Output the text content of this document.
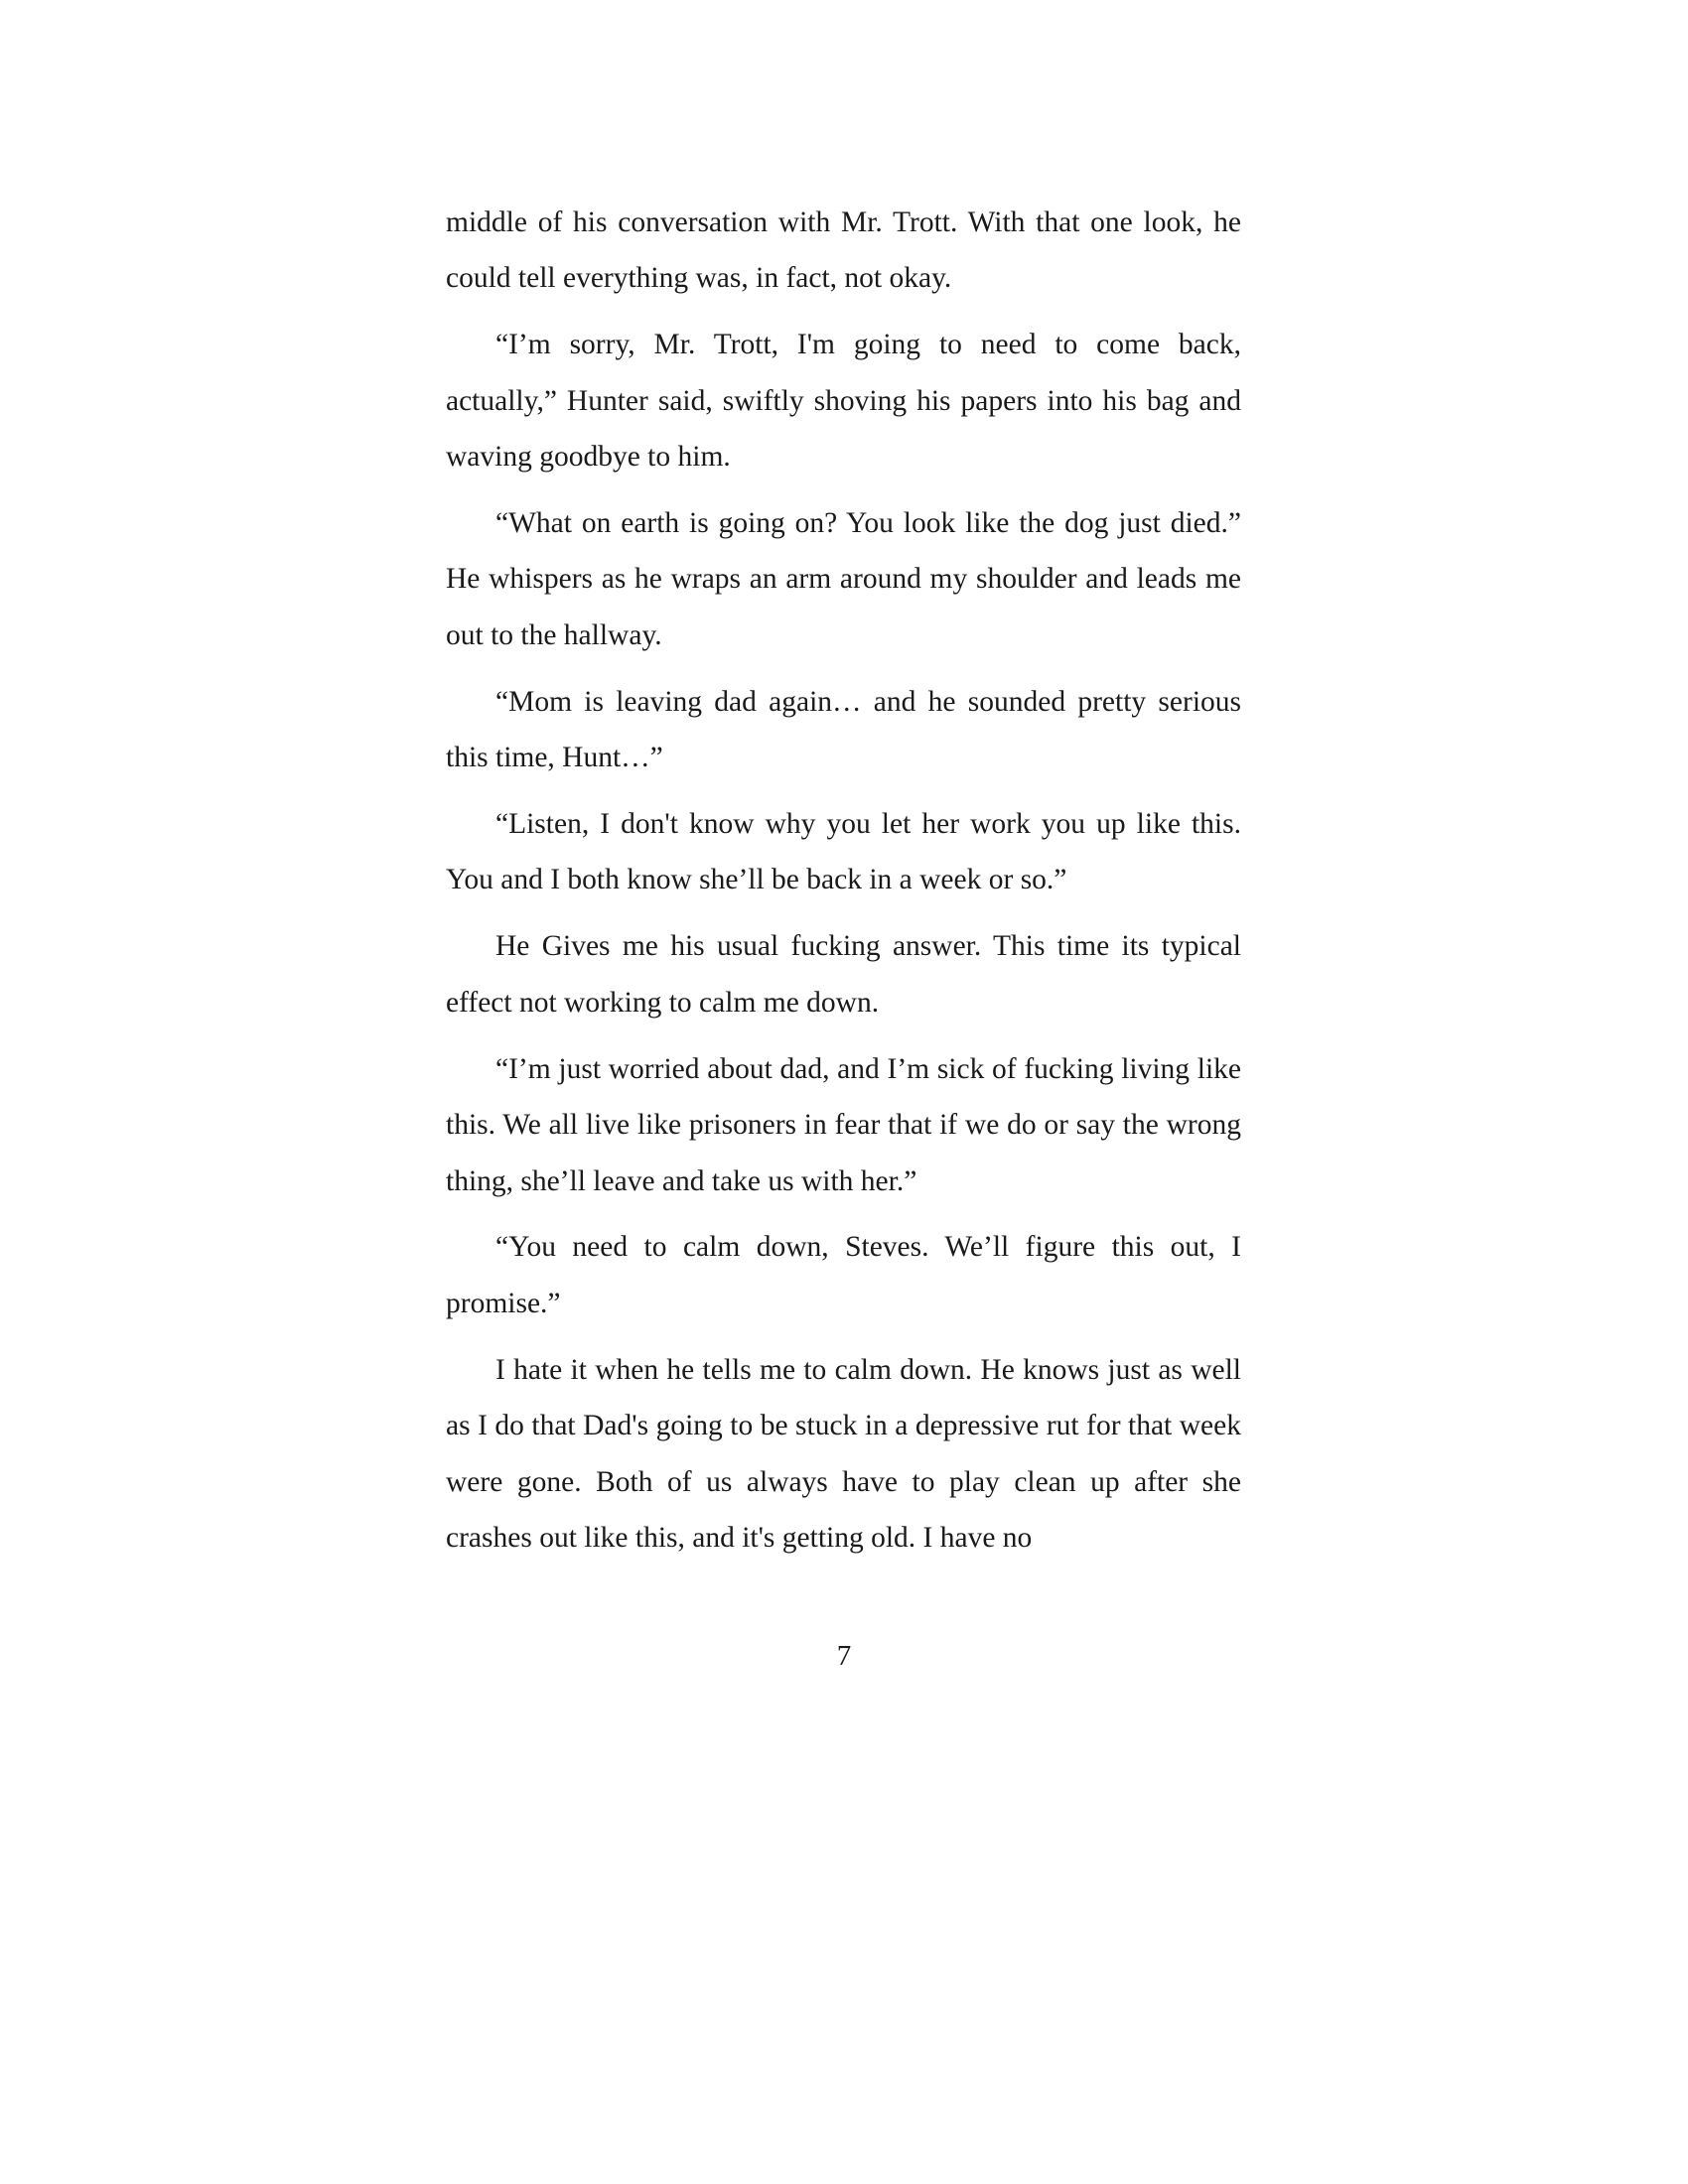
middle of his conversation with Mr. Trott. With that one look, he could tell everything was, in fact, not okay.

“I’m sorry, Mr. Trott, I'm going to need to come back, actually,” Hunter said, swiftly shoving his papers into his bag and waving goodbye to him.

“What on earth is going on? You look like the dog just died.” He whispers as he wraps an arm around my shoulder and leads me out to the hallway.

“Mom is leaving dad again… and he sounded pretty serious this time, Hunt…”

“Listen, I don't know why you let her work you up like this. You and I both know she’ll be back in a week or so.”

He Gives me his usual fucking answer. This time its typical effect not working to calm me down.

“I’m just worried about dad, and I’m sick of fucking living like this. We all live like prisoners in fear that if we do or say the wrong thing, she’ll leave and take us with her.”

“You need to calm down, Steves. We’ll figure this out, I promise.”

I hate it when he tells me to calm down. He knows just as well as I do that Dad's going to be stuck in a depressive rut for that week were gone. Both of us always have to play clean up after she crashes out like this, and it's getting old. I have no

7
